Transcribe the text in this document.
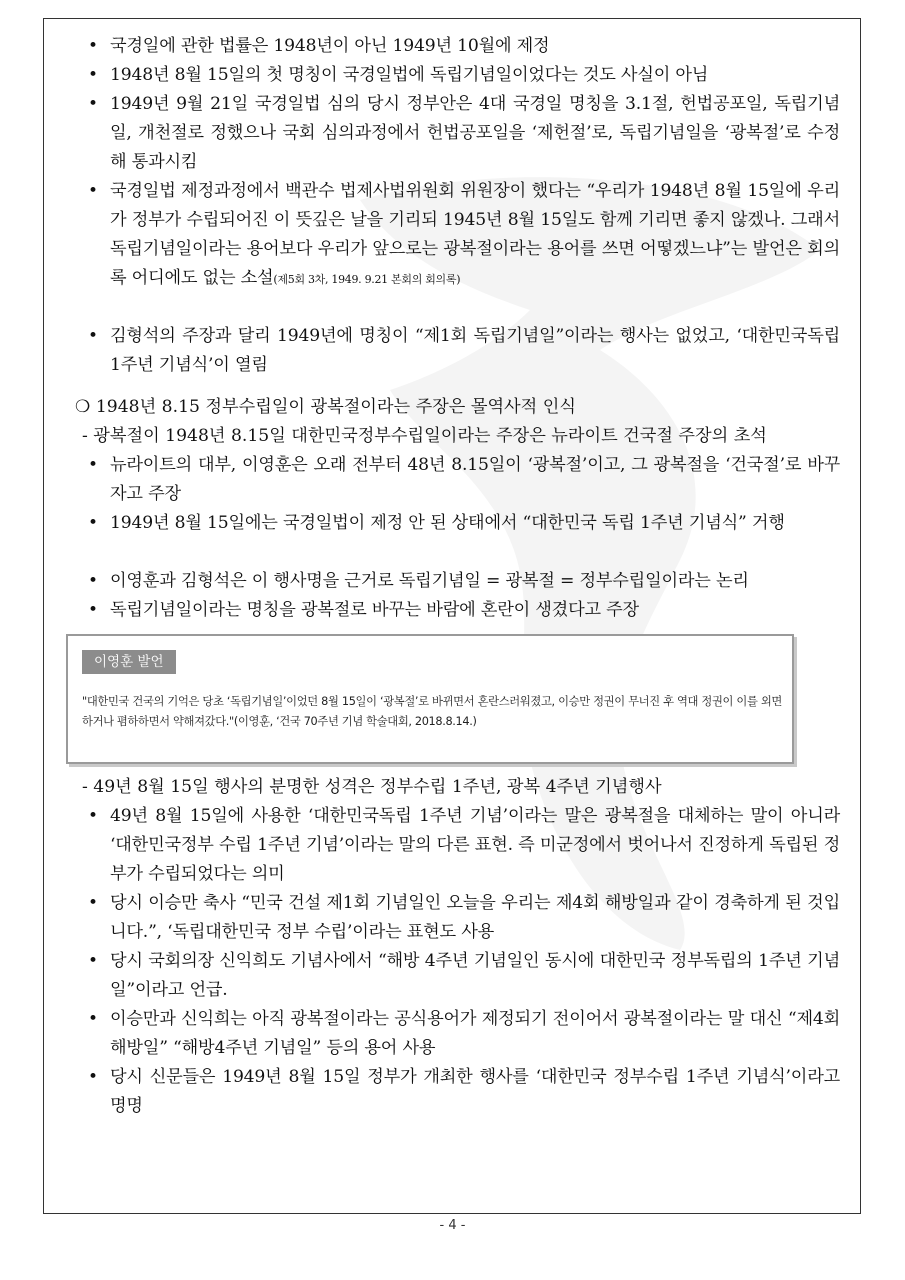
• 국경일에 관한 법률은 1948년이 아닌 1949년 10월에 제정
• 1948년 8월 15일의 첫 명칭이 국경일법에 독립기념일이었다는 것도 사실이 아님
• 1949년 9월 21일 국경일법 심의 당시 정부안은 4대 국경일 명칭을 3.1절, 헌법공포일, 독립기념일, 개천절로 정했으나 국회 심의과정에서 헌법공포일을 ‘제헌절’로, 독립기념일을 ‘광복절’로 수정해 통과시킴
• 국경일법 제정과정에서 백관수 법제사법위원회 위원장이 했다는 “우리가 1948년 8월 15일에 우리가 정부가 수립되어진 이 뜻깊은 날을 기리되 1945년 8월 15일도 함께 기리면 좋지 않겠나. 그래서 독립기념일이라는 용어보다 우리가 앞으로는 광복절이라는 용어를 쓰면 어떻겠느냐”는 발언은 회의록 어디에도 없는 소설(제5회 3차, 1949. 9.21 본회의 회의록)
• 김형석의 주장과 달리 1949년에 명칭이 “제1회 독립기념일”이라는 행사는 없었고, ‘대한민국독립 1주년 기념식’이 열림
❍ 1948년 8.15 정부수립일이 광복절이라는 주장은 몰역사적 인식
- 광복절이 1948년 8.15일 대한민국정부수립일이라는 주장은 뉴라이트 건국절 주장의 초석
• 뉴라이트의 대부, 이영훈은 오래 전부터 48년 8.15일이 ‘광복절’이고, 그 광복절을 ‘건국절’로 바꾸자고 주장
• 1949년 8월 15일에는 국경일법이 제정 안 된 상태에서 “대한민국 독립 1주년 기념식” 거행
• 이영훈과 김형석은 이 행사명을 근거로 독립기념일 = 광복절 = 정부수립일이라는 논리
• 독립기념일이라는 명칭을 광복절로 바꾸는 바람에 혼란이 생겼다고 주장
이영훈 발언
"대한민국 건국의 기억은 당초 ‘독립기념일’이었던 8월 15일이 ‘광복절’로 바뀌면서 혼란스러워졌고, 이승만 정권이 무너진 후 역대 정권이 이를 외면하거나 폄하하면서 약해져갔다."(이영훈, ‘건국 70주년 기념 학술대회, 2018.8.14.)
- 49년 8월 15일 행사의 분명한 성격은 정부수립 1주년, 광복 4주년 기념행사
• 49년 8월 15일에 사용한 ‘대한민국독립 1주년 기념’이라는 말은 광복절을 대체하는 말이 아니라 ‘대한민국정부 수립 1주년 기념’이라는 말의 다른 표현. 즉 미군정에서 벗어나서 진정하게 독립된 정부가 수립되었다는 의미
• 당시 이승만 축사 “민국 건설 제1회 기념일인 오늘을 우리는 제4회 해방일과 같이 경축하게 된 것입니다.”, ‘독립대한민국 정부 수립’이라는 표현도 사용
• 당시 국회의장 신익희도 기념사에서 “해방 4주년 기념일인 동시에 대한민국 정부독립의 1주년 기념일”이라고 언급.
• 이승만과 신익희는 아직 광복절이라는 공식용어가 제정되기 전이어서 광복절이라는 말 대신 “제4회 해방일” “해방4주년 기념일” 등의 용어 사용
• 당시 신문들은 1949년 8월 15일 정부가 개최한 행사를 ‘대한민국 정부수립 1주년 기념식’이라고 명명
- 4 -
